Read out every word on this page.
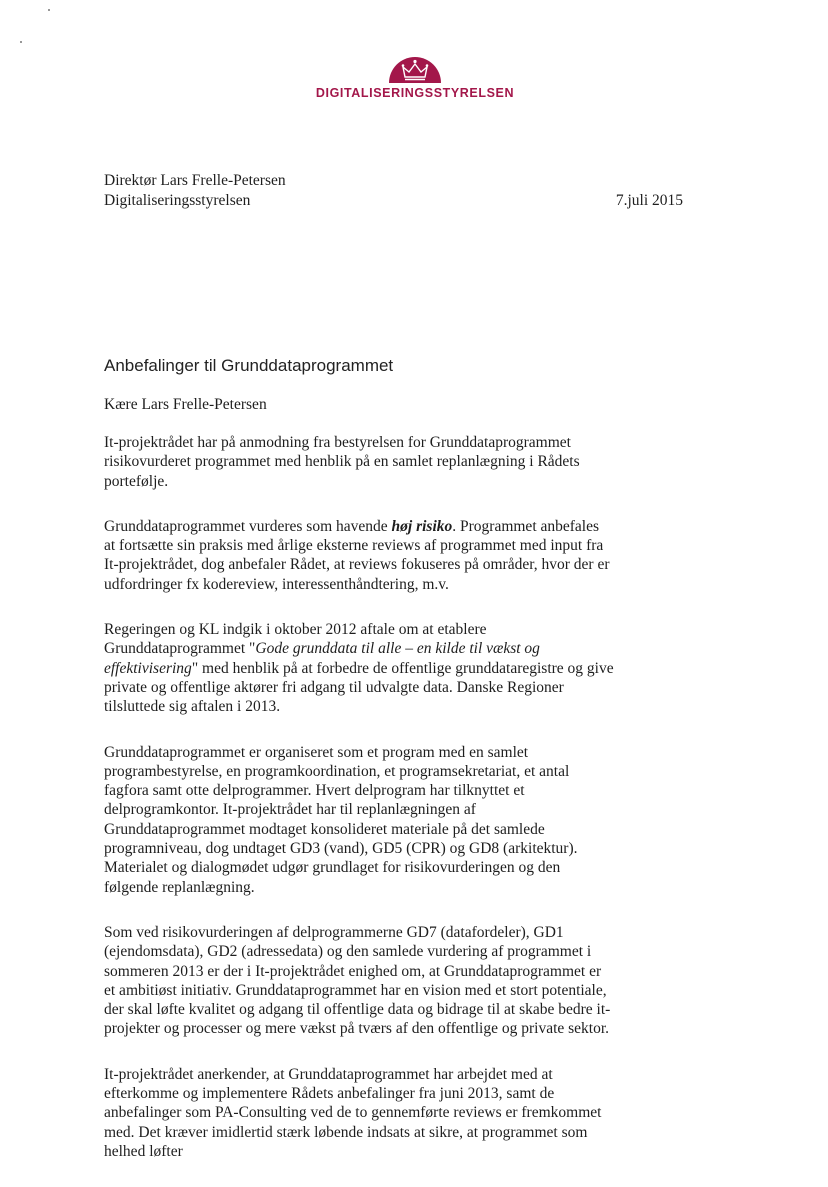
DIGITALISERINGSSTYRELSEN
Direktør Lars Frelle-Petersen
Digitaliseringsstyrelsen	7.juli 2015
Anbefalinger til Grunddataprogrammet
Kære Lars Frelle-Petersen

It-projektrådet har på anmodning fra bestyrelsen for Grunddataprogrammet risikovurderet programmet med henblik på en samlet replanlægning i Rådets portefølje.

Grunddataprogrammet vurderes som havende høj risiko. Programmet anbefales at fortsætte sin praksis med årlige eksterne reviews af programmet med input fra It-projektrådet, dog anbefaler Rådet, at reviews fokuseres på områder, hvor der er udfordringer fx kodereview, interessenthåndtering, m.v.

Regeringen og KL indgik i oktober 2012 aftale om at etablere Grunddataprogrammet "Gode grunddata til alle – en kilde til vækst og effektivisering" med henblik på at forbedre de offentlige grunddataregistre og give private og offentlige aktører fri adgang til udvalgte data. Danske Regioner tilsluttede sig aftalen i 2013.

Grunddataprogrammet er organiseret som et program med en samlet programbestyrelse, en programkoordination, et programsekretariat, et antal fagfora samt otte delprogrammer. Hvert delprogram har tilknyttet et delprogramkontor. It-projektrådet har til replanlægningen af Grunddataprogrammet modtaget konsolideret materiale på det samlede programniveau, dog undtaget GD3 (vand), GD5 (CPR) og GD8 (arkitektur). Materialet og dialogmødet udgør grundlaget for risikovurderingen og den følgende replanlægning.

Som ved risikovurderingen af delprogrammerne GD7 (datafordeler), GD1 (ejendomsdata), GD2 (adressedata) og den samlede vurdering af programmet i sommeren 2013 er der i It-projektrådet enighed om, at Grunddataprogrammet er et ambitiøst initiativ. Grunddataprogrammet har en vision med et stort potentiale, der skal løfte kvalitet og adgang til offentlige data og bidrage til at skabe bedre it-projekter og processer og mere vækst på tværs af den offentlige og private sektor.

It-projektrådet anerkender, at Grunddataprogrammet har arbejdet med at efterkomme og implementere Rådets anbefalinger fra juni 2013, samt de anbefalinger som PA-Consulting ved de to gennemførte reviews er fremkommet med. Det kræver imidlertid stærk løbende indsats at sikre, at programmet som helhed løfter
